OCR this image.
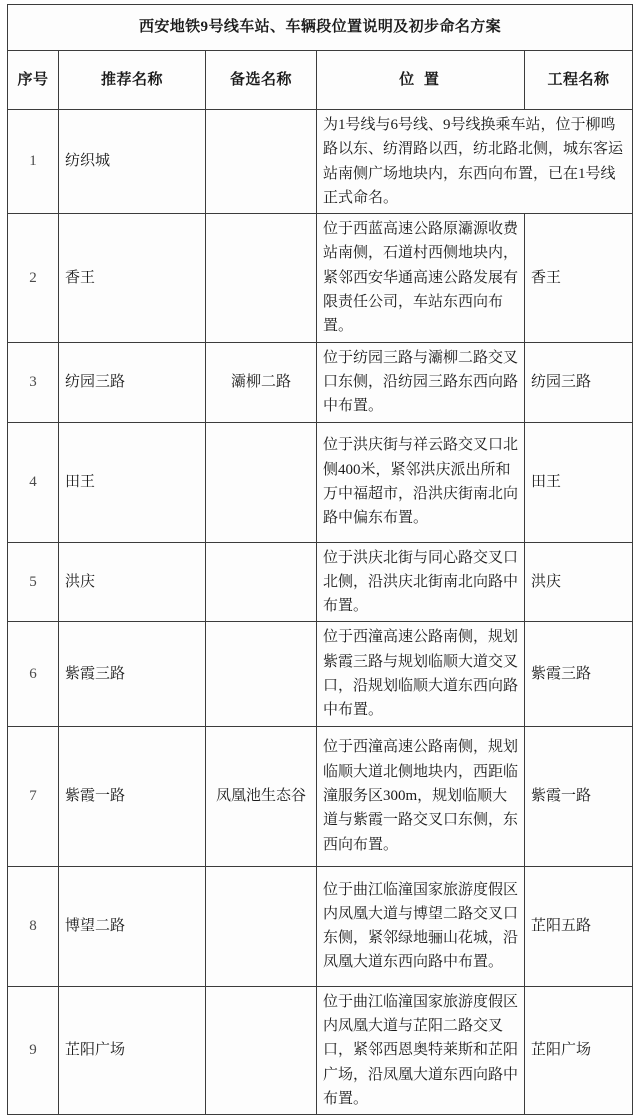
西安地铁9号线车站、车辆段位置说明及初步命名方案				
序号	推荐名称	备选名称	位 置	工程名称
1	纺织城		为1号线与6号线、9号线换乘车站，位于柳鸣路以东、纺渭路以西，纺北路北侧，城东客运站南侧广场地块内，东西向布置，已在1号线正式命名。	
2	香王		位于西蓝高速公路原灞源收费站南侧，石道村西侧地块内，紧邻西安华通高速公路发展有限责任公司，车站东西向布置。	香王
3	纺园三路	灞柳二路	位于纺园三路与灞柳二路交叉口东侧，沿纺园三路东西向路中布置。	纺园三路
4	田王		位于洪庆街与祥云路交叉口北侧400米，紧邻洪庆派出所和万中福超市，沿洪庆街南北向路中偏东布置。	田王
5	洪庆		位于洪庆北街与同心路交叉口北侧，沿洪庆北街南北向路中布置。	洪庆
6	紫霞三路		位于西潼高速公路南侧，规划紫霞三路与规划临顺大道交叉口，沿规划临顺大道东西向路中布置。	紫霞三路
7	紫霞一路	凤凰池生态谷	位于西潼高速公路南侧，规划临顺大道北侧地块内，西距临潼服务区300m，规划临顺大道与紫霞一路交叉口东侧，东西向布置。	紫霞一路
8	博望二路		位于曲江临潼国家旅游度假区内凤凰大道与博望二路交叉口东侧，紧邻绿地骊山花城，沿凤凰大道东西向路中布置。	芷阳五路
9	芷阳广场		位于曲江临潼国家旅游度假区内凤凰大道与芷阳二路交叉口，紧邻西恩奥特莱斯和芷阳广场，沿凤凰大道东西向路中布置。	芷阳广场
